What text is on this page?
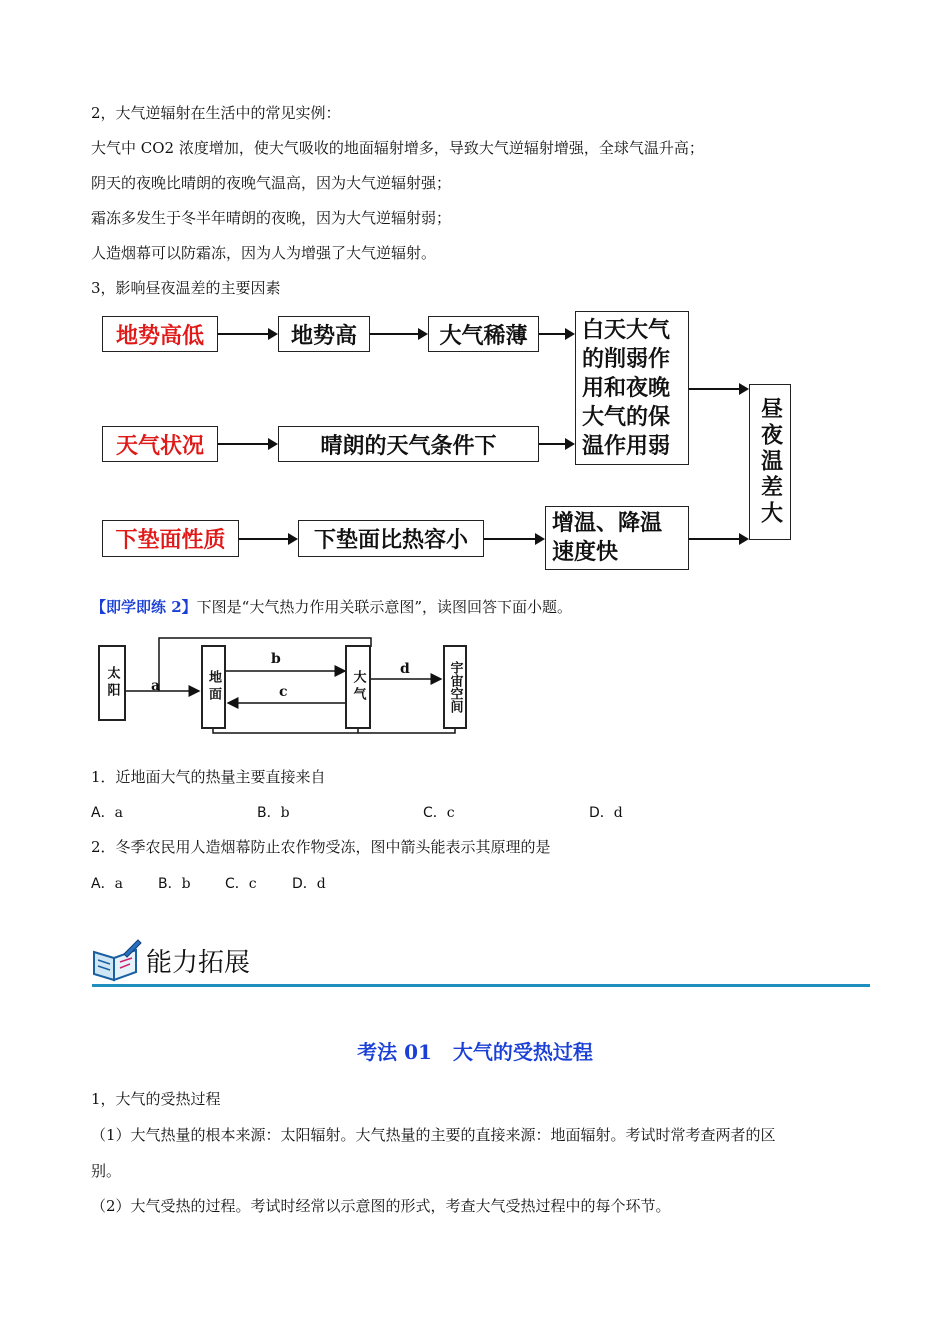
2，大气逆辐射在生活中的常见实例：
大气中 CO2 浓度增加，使大气吸收的地面辐射增多，导致大气逆辐射增强，全球气温升高；
阴天的夜晚比晴朗的夜晚气温高，因为大气逆辐射强；
霜冻多发生于冬半年晴朗的夜晚，因为大气逆辐射弱；
人造烟幕可以防霜冻，因为人为增强了大气逆辐射。
3，影响昼夜温差的主要因素
地势高低	地势高	大气稀薄	白天大气的削弱作用和夜晚大气的保温作用弱
天气状况	晴朗的天气条件下
下垫面性质	下垫面比热容小
增温、降温速度快
昼夜温差大
【即学即练 2】下图是“大气热力作用关联示意图”，读图回答下面小题。
太阳	地面	大气	宇宙空间
a
b
c
d
1．近地面大气的热量主要直接来自
A．a	B．b	C．c	D．d
2．冬季农民用人造烟幕防止农作物受冻，图中箭头能表示其原理的是
A．a	B．b C．c	D．d
能力拓展
考法 01   大气的受热过程
1，大气的受热过程
（1）大气热量的根本来源：太阳辐射。大气热量的主要的直接来源：地面辐射。考试时常考查两者的区
别。
（2）大气受热的过程。考试时经常以示意图的形式，考查大气受热过程中的每个环节。
